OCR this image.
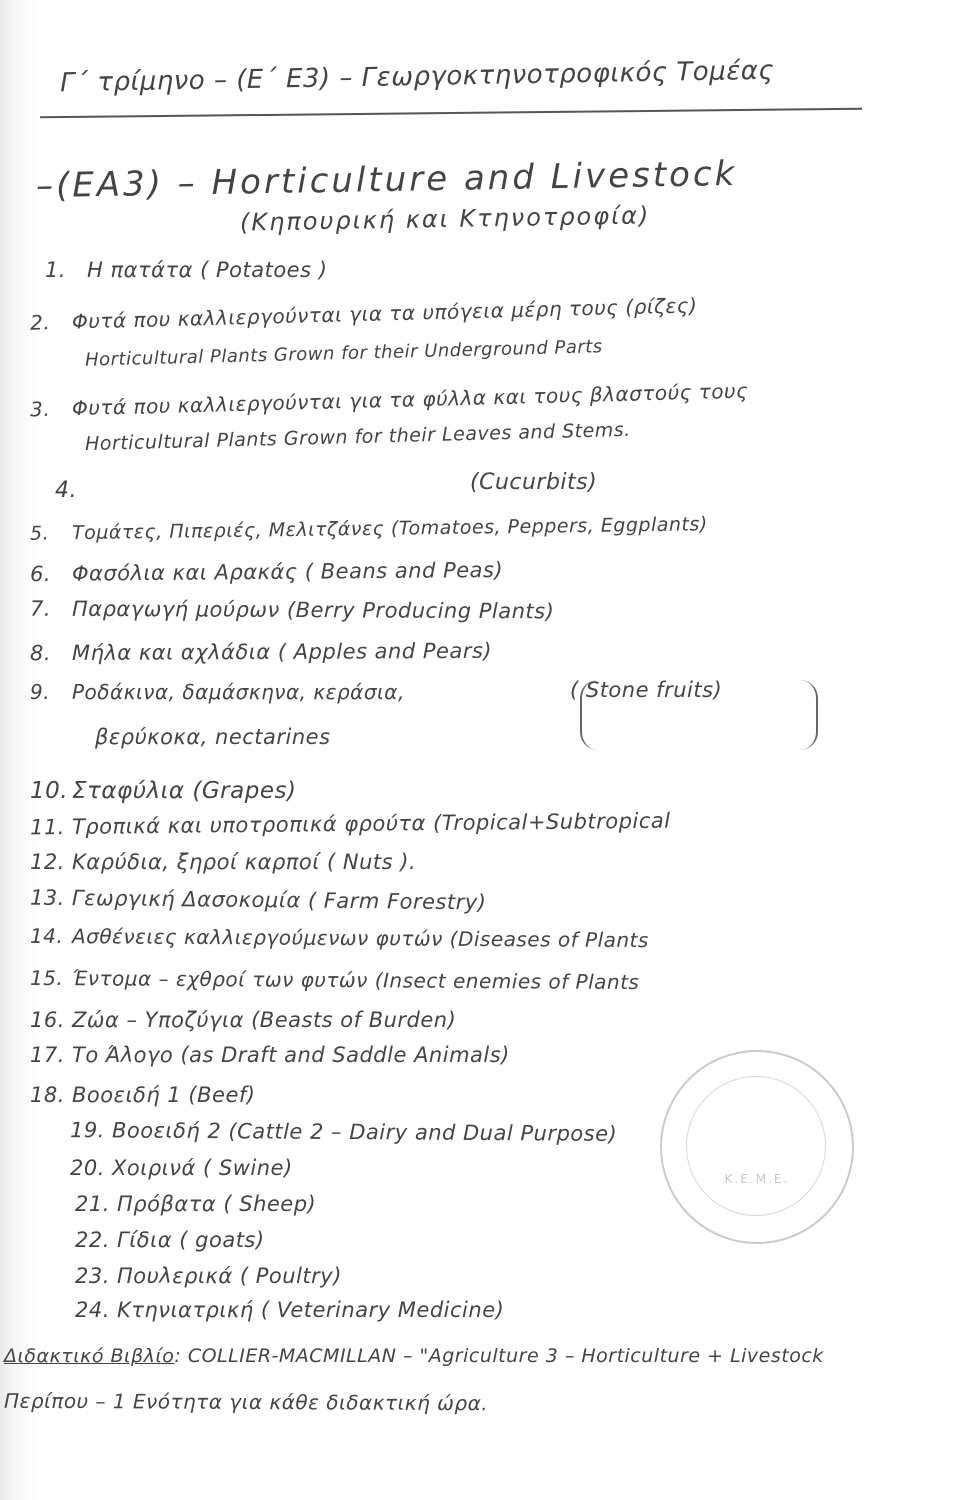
Γ΄ τρίμηνο – (Ε΄ Ε3) – Γεωργοκτηνοτροφικός Τομέας
–(ΕΑ3) – Horticulture and Livestock
(Κηπουρική και Κτηνοτροφία)
1. Η πατάτα ( Potatoes )
2. Φυτά που καλλιεργούνται για τα υπόγεια μέρη τους (ρίζες)
Horticultural Plants Grown for their Underground Parts
3. Φυτά που καλλιεργούνται για τα φύλλα και τους βλαστούς τους
Horticultural Plants Grown for their Leaves and Stems.
4.	(Cucurbits)
5. Τομάτες, Πιπεριές, Μελιτζάνες (Tomatoes, Peppers, Eggplants)
6. Φασόλια και Αρακάς ( Beans and Peas)
7. Παραγωγή μούρων (Berry Producing Plants)
8. Μήλα και αχλάδια ( Apples and Pears)
9. Ροδάκινα, δαμάσκηνα, κεράσια,	( Stone fruits)
βερύκοκα, nectarines
10. Σταφύλια (Grapes)
11. Τροπικά και υποτροπικά φρούτα (Tropical+Subtropical
12. Καρύδια, ξηροί καρποί ( Nuts ).
13. Γεωργική Δασοκομία ( Farm Forestry)
14. Ασθένειες καλλιεργούμενων φυτών (Diseases of Plants
15. Έντομα – εχθροί των φυτών (Insect enemies of Plants
16. Ζώα – Υποζύγια (Beasts of Burden)
17. Το Άλογο (as Draft and Saddle Animals)
18. Βοοειδή 1 (Beef)
19. Βοοειδή 2 (Cattle 2 – Dairy and Dual Purpose)
20. Χοιρινά ( Swine)
21. Πρόβατα ( Sheep)
22. Γίδια ( goats)
23. Πουλερικά ( Poultry)
24. Κτηνιατρική ( Veterinary Medicine)
Διδακτικό Βιβλίο: COLLIER-MACMILLAN – "Agriculture 3 – Horticulture + Livestock
Περίπου – 1 Ενότητα για κάθε διδακτική ώρα.
K.E.M.E.
